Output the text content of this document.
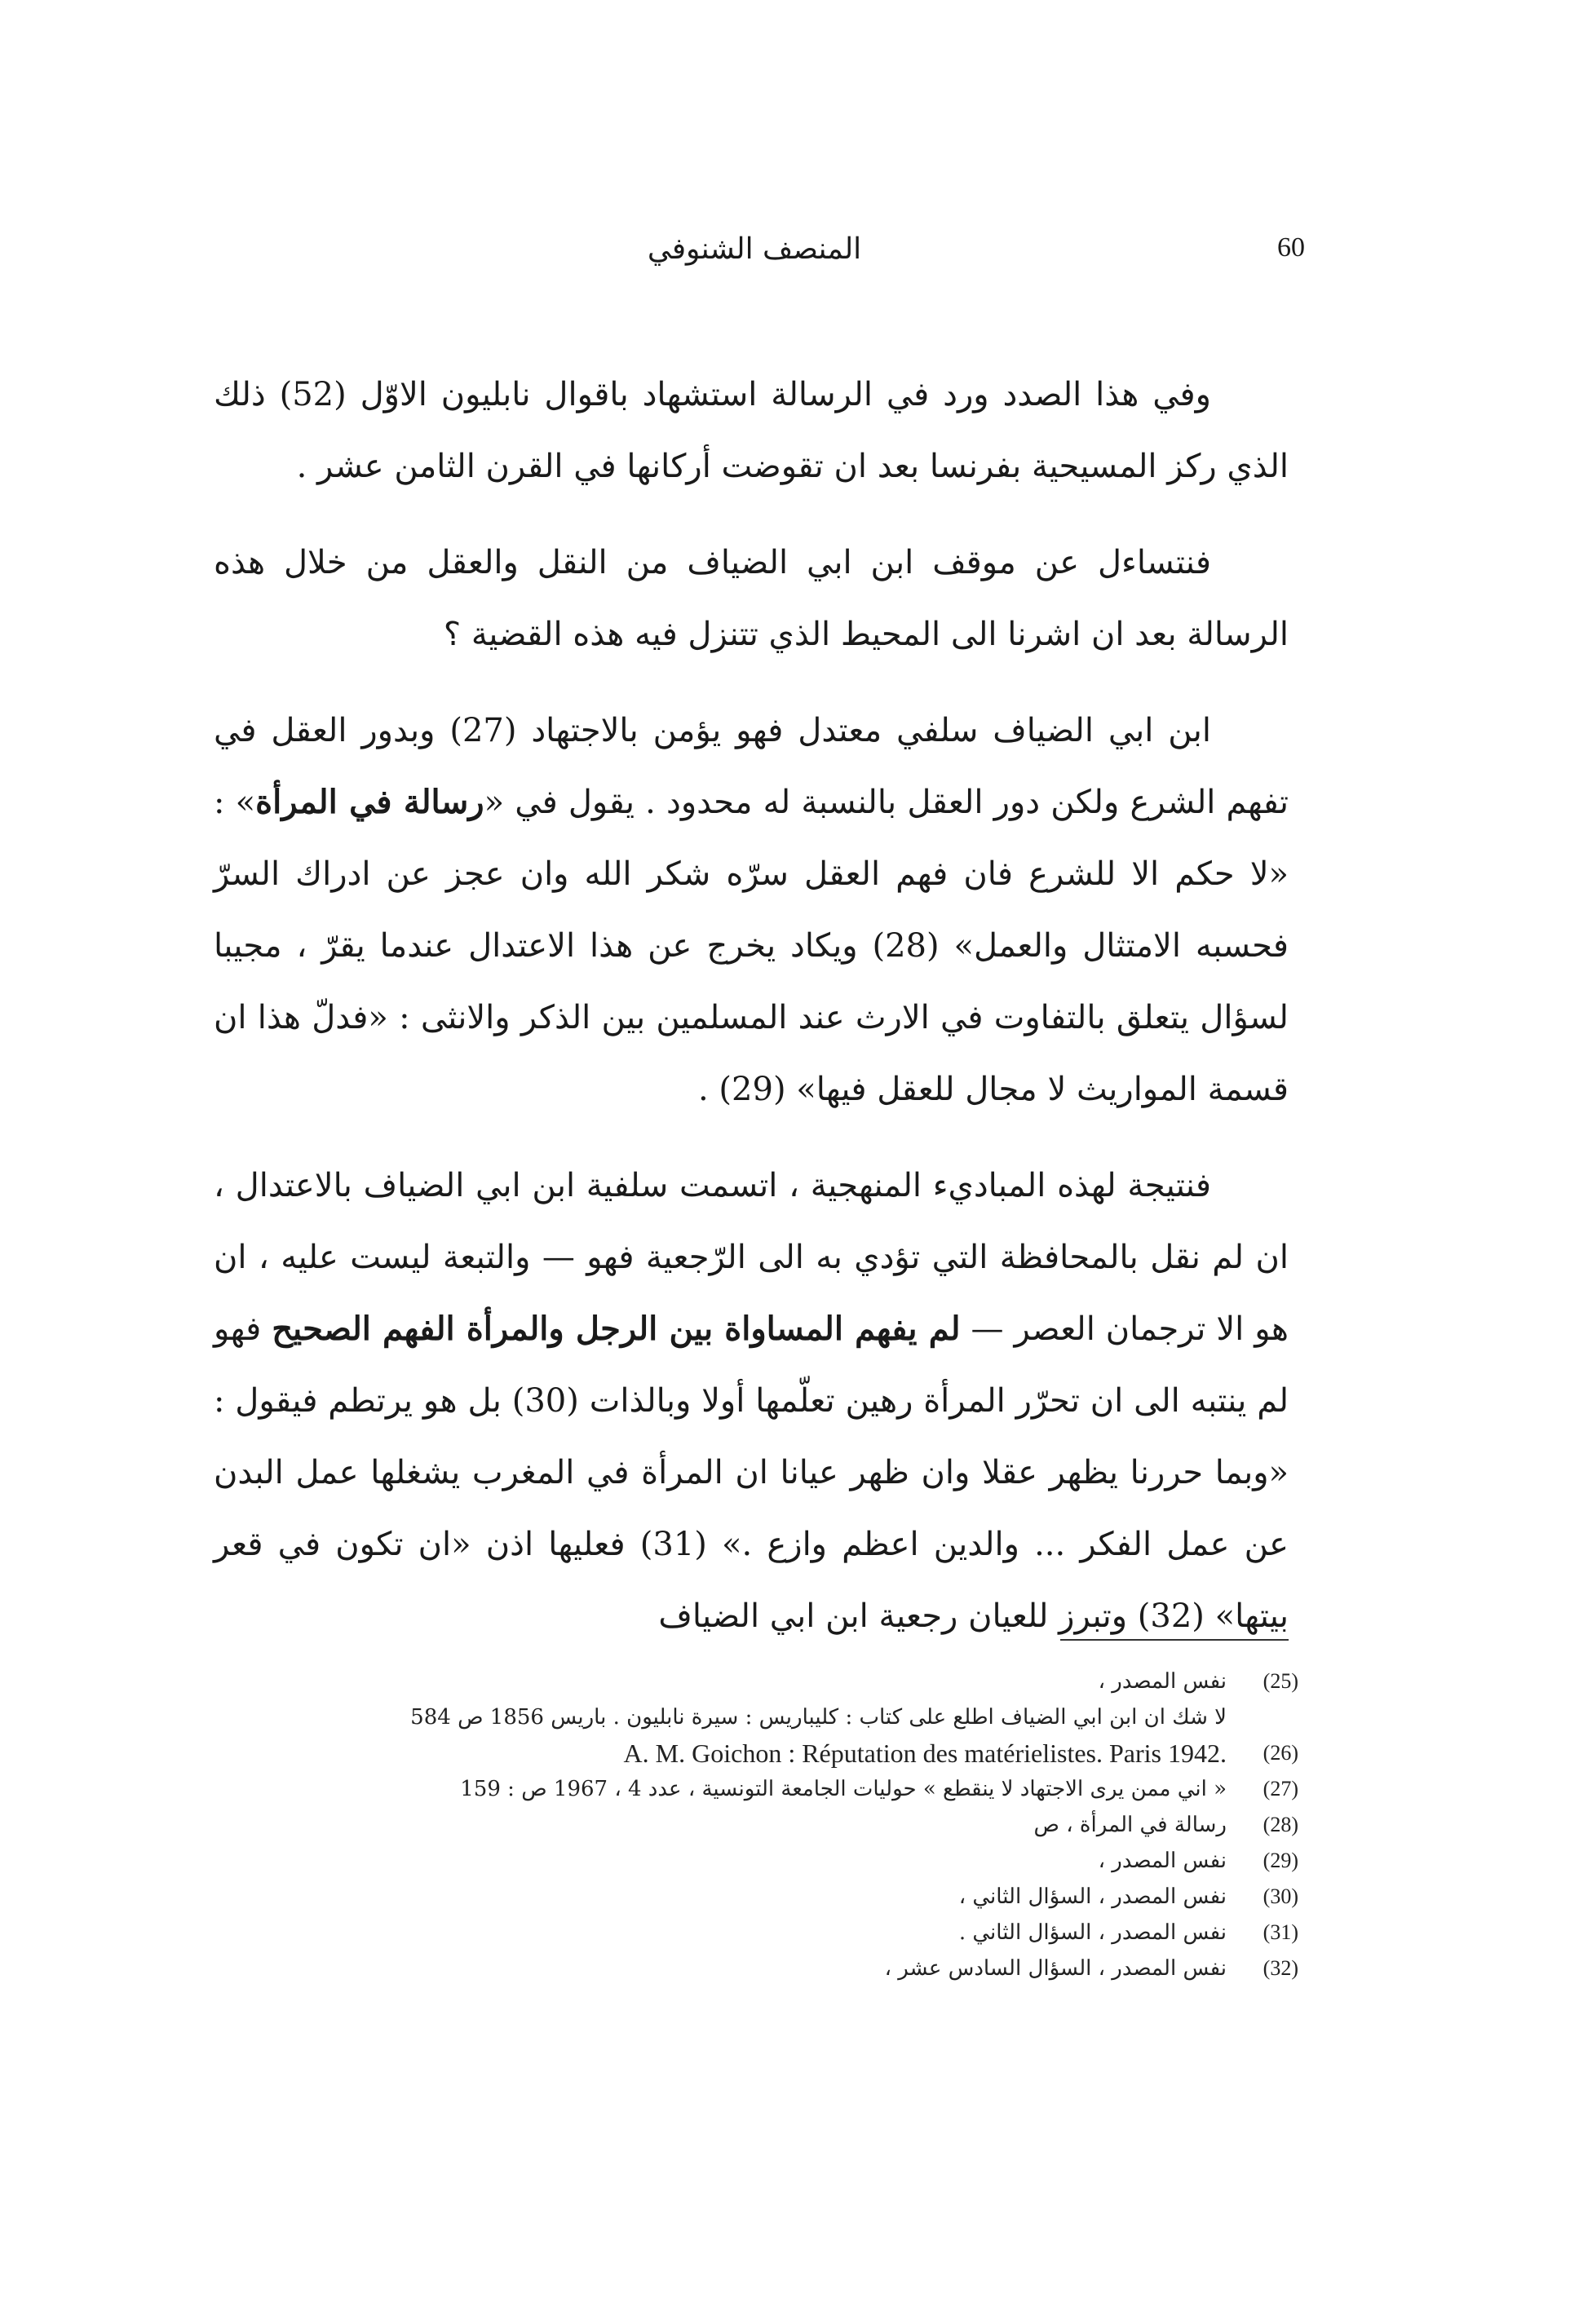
60
المنصف الشنوفي

وفي هذا الصدد ورد في الرسالة استشهاد باقوال نابليون الاوّل (52) ذلك الذي ركز المسيحية بفرنسا بعد ان تقوضت أركانها في القرن الثامن عشر .

فنتساءل عن موقف ابن ابي الضياف من النقل والعقل من خلال هذه الرسالة بعد ان اشرنا الى المحيط الذي تتنزل فيه هذه القضية ؟

ابن ابي الضياف سلفي معتدل فهو يؤمن بالاجتهاد (27) وبدور العقل في تفهم الشرع ولكن دور العقل بالنسبة له محدود . يقول في «رسالة في المرأة» : «لا حكم الا للشرع فان فهم العقل سرّه شكر الله وان عجز عن ادراك السرّ فحسبه الامتثال والعمل» (28) ويكاد يخرج عن هذا الاعتدال عندما يقرّ ، مجيبا لسؤال يتعلق بالتفاوت في الارث عند المسلمين بين الذكر والانثى : «فدلّ هذا ان قسمة المواريث لا مجال للعقل فيها» (29) .

فنتيجة لهذه المباديء المنهجية ، اتسمت سلفية ابن ابي الضياف بالاعتدال ، ان لم نقل بالمحافظة التي تؤدي به الى الرّجعية فهو — والتبعة ليست عليه ، ان هو الا ترجمان العصر — لم يفهم المساواة بين الرجل والمرأة الفهم الصحيح فهو لم ينتبه الى ان تحرّر المرأة رهين تعلّمها أولا وبالذات (30) بل هو يرتطم فيقول : «وبما حررنا يظهر عقلا وان ظهر عيانا ان المرأة في المغرب يشغلها عمل البدن عن عمل الفكر ... والدين اعظم وازع .» (31) فعليها اذن «ان تكون في قعر بيتها» (32) وتبرز للعيان رجعية ابن ابي الضياف

(25)
نفس المصدر ،
لا شك ان ابن ابي الضياف اطلع على كتاب : كليباريس : سيرة نابليون . باريس 1856 ص 584
(26)
A. M. Goichon : Réputation des matérielistes. Paris 1942.
(27)
« اني ممن يرى الاجتهاد لا ينقطع » حوليات الجامعة التونسية ، عدد 4 ، 1967 ص : 159
(28)
رسالة في المرأة ، ص
(29)
نفس المصدر ،
(30)
نفس المصدر ، السؤال الثاني ،
(31)
نفس المصدر ، السؤال الثاني .
(32)
نفس المصدر ، السؤال السادس عشر ،
